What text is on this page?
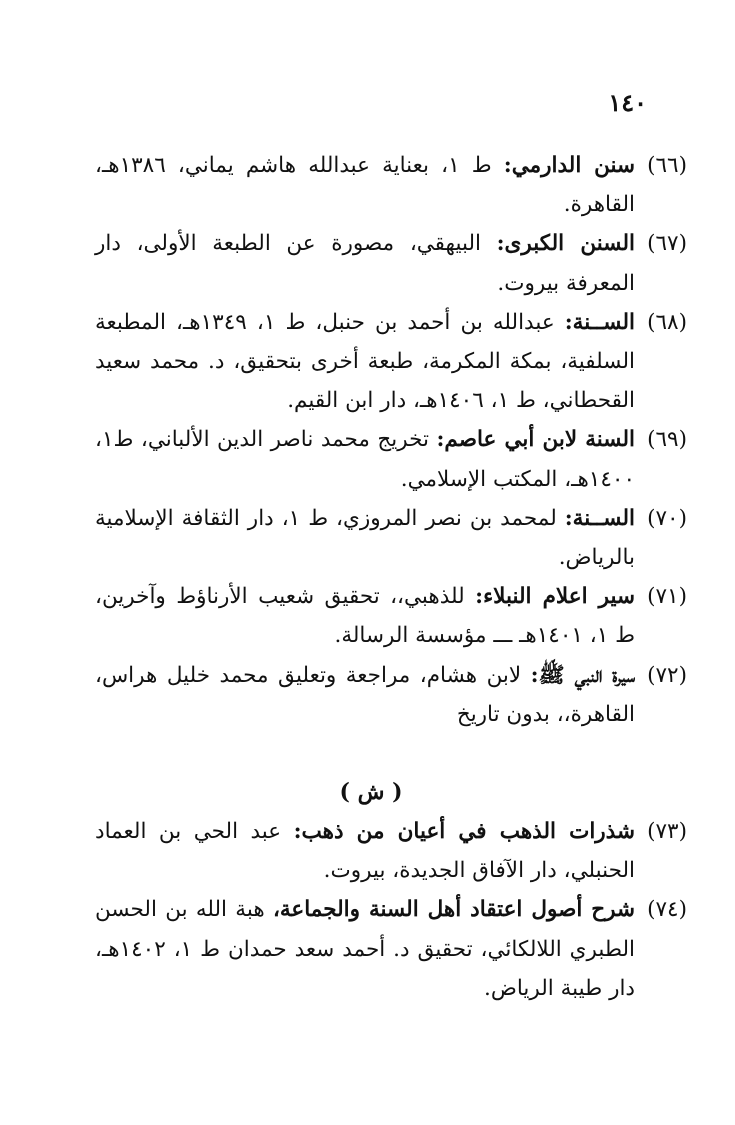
١٤٠
(٦٦)
سنن الدارمي: ط ١، بعناية عبدالله هاشم يماني، ١٣٨٦هـ، القاهرة.
(٦٧)
السنن الكبرى: البيهقي، مصورة عن الطبعة الأولى، دار المعرفة بيروت.
(٦٨)
الســنة: عبدالله بن أحمد بن حنبل، ط ١، ١٣٤٩هـ، المطبعة السلفية، بمكة المكرمة، طبعة أخرى بتحقيق، د. محمد سعيد القحطاني، ط ١، ١٤٠٦هـ، دار ابن القيم.
(٦٩)
السنة لابن أبي عاصم: تخريج محمد ناصر الدين الألباني، ط١، ١٤٠٠هـ، المكتب الإسلامي.
(٧٠)
الســنة: لمحمد بن نصر المروزي، ط ١، دار الثقافة الإسلامية بالرياض.
(٧١)
سير اعلام النبلاء: للذهبي،، تحقيق شعيب الأرناؤط وآخرين، ط ١، ١٤٠١هـ ـــ مؤسسة الرسالة.
(٧٢)
سيرة النبي ﷺ: لابن هشام، مراجعة وتعليق محمد خليل هراس، القاهرة،، بدون تاريخ
( ش )
(٧٣)
شذرات الذهب في أعيان من ذهب: عبد الحي بن العماد الحنبلي، دار الآفاق الجديدة، بيروت.
(٧٤)
شرح أصول اعتقاد أهل السنة والجماعة، هبة الله بن الحسن الطبري اللالكائي، تحقيق د. أحمد سعد حمدان ط ١، ١٤٠٢هـ، دار طيبة الرياض.
